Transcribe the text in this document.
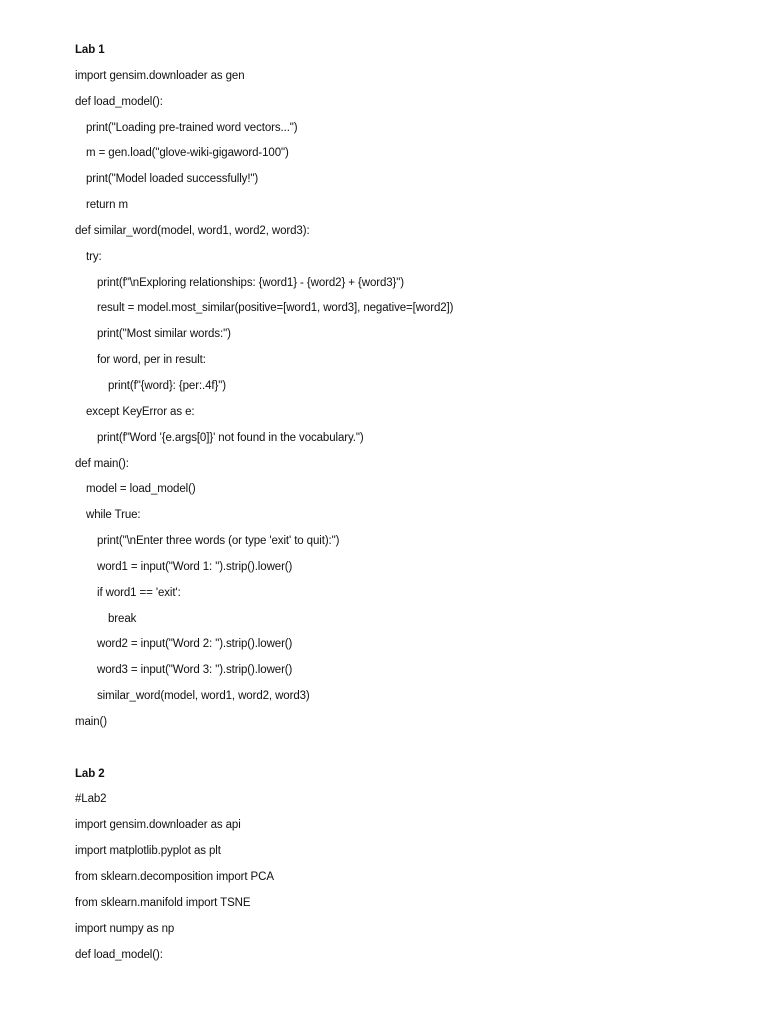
Lab 1
import gensim.downloader as gen
def load_model():
print("Loading pre-trained word vectors...")
m = gen.load("glove-wiki-gigaword-100")
print("Model loaded successfully!")
return m
def similar_word(model, word1, word2, word3):
try:
print(f"\nExploring relationships: {word1} - {word2} + {word3}")
result = model.most_similar(positive=[word1, word3], negative=[word2])
print("Most similar words:")
for word, per in result:
print(f"{word}: {per:.4f}")
except KeyError as e:
print(f"Word '{e.args[0]}' not found in the vocabulary.")
def main():
model = load_model()
while True:
print("\nEnter three words (or type 'exit' to quit):")
word1 = input("Word 1: ").strip().lower()
if word1 == 'exit':
break
word2 = input("Word 2: ").strip().lower()
word3 = input("Word 3: ").strip().lower()
similar_word(model, word1, word2, word3)
main()
Lab 2
#Lab2
import gensim.downloader as api
import matplotlib.pyplot as plt
from sklearn.decomposition import PCA
from sklearn.manifold import TSNE
import numpy as np
def load_model():
